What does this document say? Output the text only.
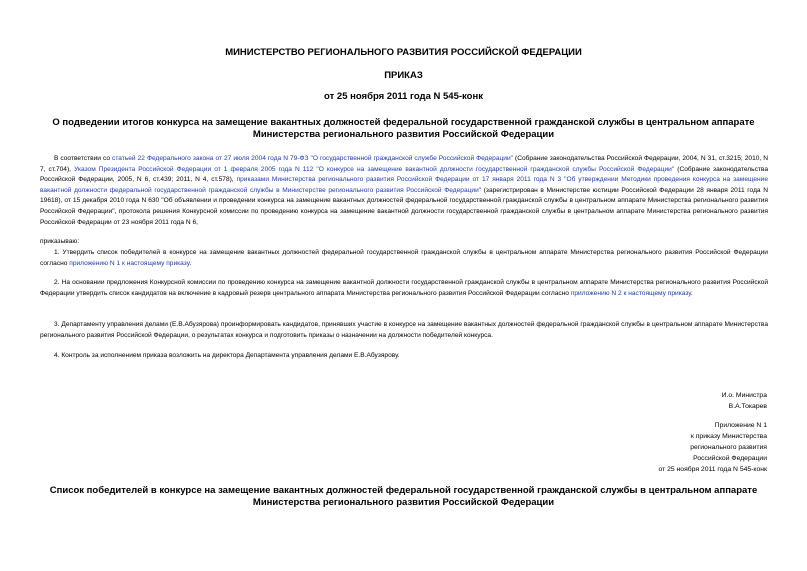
МИНИСТЕРСТВО РЕГИОНАЛЬНОГО РАЗВИТИЯ РОССИЙСКОЙ ФЕДЕРАЦИИ
ПРИКАЗ
от 25 ноября 2011 года N 545-конк
О подведении итогов конкурса на замещение вакантных должностей федеральной государственной гражданской службы в центральном аппарате Министерства регионального развития Российской Федерации
В соответствии со статьей 22 Федерального закона от 27 июля 2004 года N 79-ФЗ "О государственной гражданской службе Российской Федерации" (Собрание законодательства Российской Федерации, 2004, N 31, ст.3215; 2010, N 7, ст.704), Указом Президента Российской Федерации от 1 февраля 2005 года N 112 "О конкурсе на замещение вакантной должности государственной гражданской службы Российской Федерации" (Собрание законодательства Российской Федерации, 2005, N 6, ст.439; 2011, N 4, ст.578), приказами Министерства регионального развития Российской Федерации от 17 января 2011 года N 3 "Об утверждении Методики проведения конкурса на замещение вакантной должности федеральной государственной гражданской службы в Министерстве регионального развития Российской Федерации" (зарегистрирован в Министерстве юстиции Российской Федерации 28 января 2011 года N 19618), от 15 декабря 2010 года N 630 "Об объявлении и проведении конкурса на замещение вакантных должностей федеральной государственной гражданской службы в центральном аппарате Министерства регионального развития Российской Федерации", протокола решения Конкурсной комиссии по проведению конкурса на замещение вакантной должности государственной гражданской службы в центральном аппарате Министерства регионального развития Российской Федерации от 23 ноября 2011 года N 6,
приказываю:
1. Утвердить список победителей в конкурсе на замещение вакантных должностей федеральной государственной гражданской службы в центральном аппарате Министерства регионального развития Российской Федерации согласно приложению N 1 к настоящему приказу.
2. На основании предложения Конкурсной комиссии по проведению конкурса на замещение вакантной должности государственной гражданской службы в центральном аппарате Министерства регионального развития Российской Федерации утвердить список кандидатов на включение в кадровый резерв центрального аппарата Министерства регионального развития Российской Федерации согласно приложению N 2 к настоящему приказу.
3. Департаменту управления делами (Е.В.Абузярова) проинформировать кандидатов, принявших участие в конкурсе на замещение вакантных должностей федеральной гражданской службы в центральном аппарате Министерства регионального развития Российской Федерации, о результатах конкурса и подготовить приказы о назначении на должности победителей конкурса.
4. Контроль за исполнением приказа возложить на директора Департамента управления делами Е.В.Абузярову.
И.о. Министра
В.А.Токарев
Приложение N 1
к приказу Министерства
регионального развития
Российской Федерации
от 25 ноября 2011 года N 545-конк
Список победителей в конкурсе на замещение вакантных должностей федеральной государственной гражданской службы в центральном аппарате Министерства регионального развития Российской Федерации
